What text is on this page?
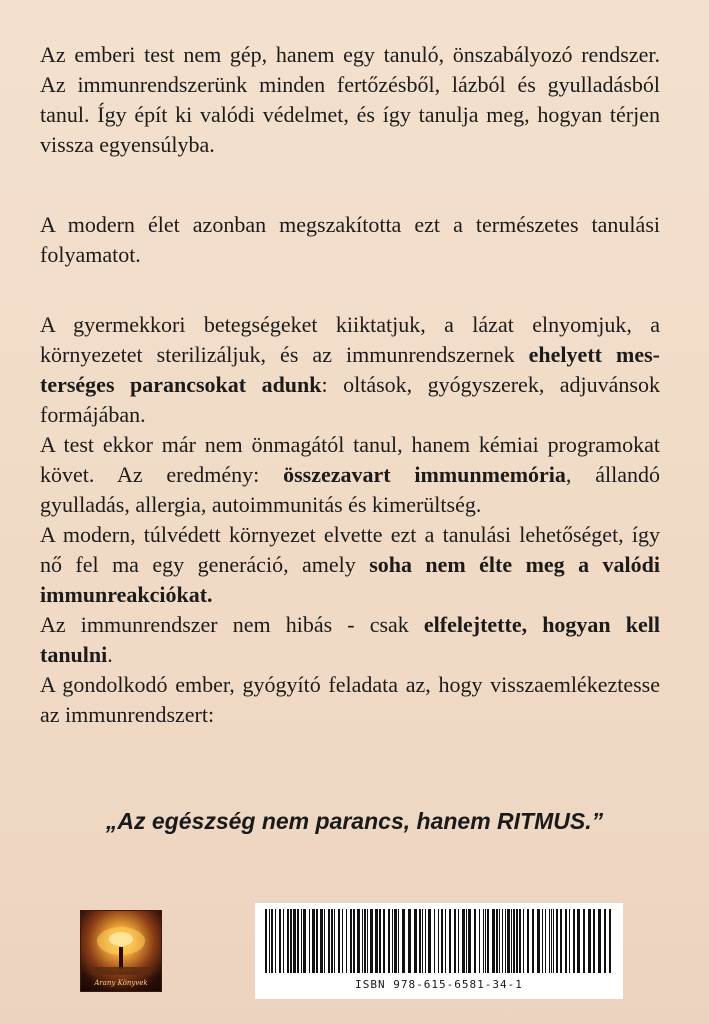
Az emberi test nem gép, hanem egy tanuló, önszabályozó rendszer. Az immunrendszerünk minden fertőzésből, lázból és gyulladásból tanul. Így épít ki valódi védelmet, és így tanulja meg, hogyan térjen vissza egyensúlyba.

A modern élet azonban megszakította ezt a természetes tanulási folyamatot.

A gyermekkori betegségeket kiiktatjuk, a lázat elnyomjuk, a környezetet sterilizáljuk, és az immunrendszernek ehelyett mesterséges parancsokat adunk: oltások, gyógyszerek, adjuvánsok formájában.

A test ekkor már nem önmagától tanul, hanem kémiai programokat követ. Az eredmény: összezavart immunmemória, állandó gyulladás, allergia, autoimmunitás és kimerültség.

A modern, túlvédett környezet elvette ezt a tanulási lehetőséget, így nő fel ma egy generáció, amely soha nem élte meg a valódi immunreakciókat.

Az immunrendszer nem hibás - csak elfelejtette, hogyan kell tanulni.

A gondolkodó ember, gyógyító feladata az, hogy visszaemlékeztesse az immunrendszert:

„Az egészség nem parancs, hanem RITMUS.”
Arany Könyvek	ISBN 978-615-6581-34-1
